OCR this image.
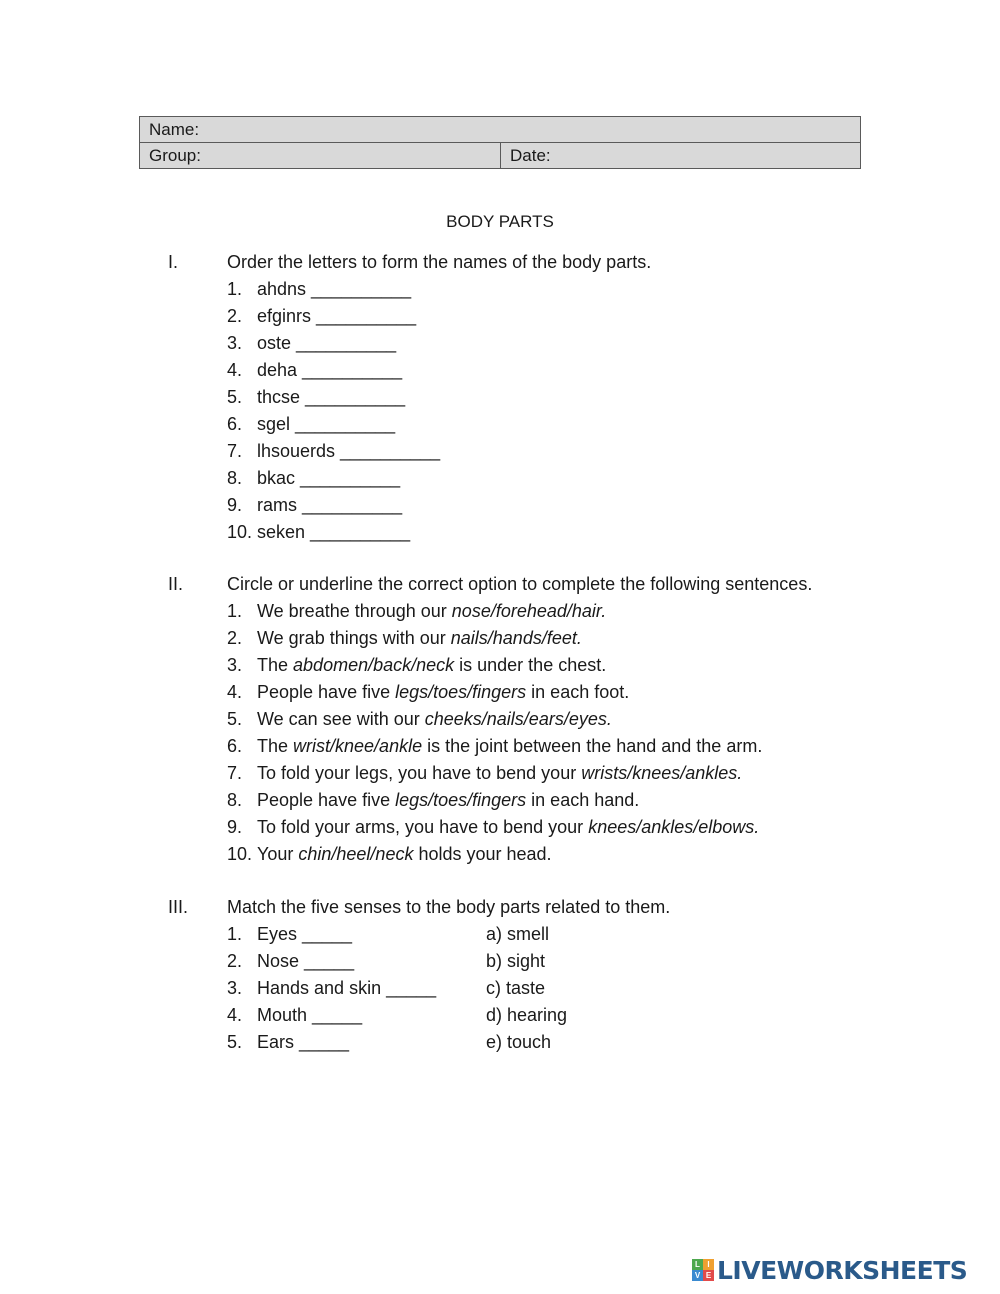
Name:
Group:	Date:
BODY PARTS
I.	Order the letters to form the names of the body parts.
1. ahdns __________
2. efginrs __________
3. oste __________
4. deha __________
5. thcse __________
6. sgel __________
7. lhsouerds __________
8. bkac __________
9. rams __________
10. seken __________
II. Circle or underline the correct option to complete the following sentences.
1. We breathe through our nose/forehead/hair.
2. We grab things with our nails/hands/feet.
3. The abdomen/back/neck is under the chest.
4. People have five legs/toes/fingers in each foot.
5. We can see with our cheeks/nails/ears/eyes.
6. The wrist/knee/ankle is the joint between the hand and the arm.
7. To fold your legs, you have to bend your wrists/knees/ankles.
8. People have five legs/toes/fingers in each hand.
9. To fold your arms, you have to bend your knees/ankles/elbows.
10. Your chin/heel/neck holds your head.
III. Match the five senses to the body parts related to them.
1. Eyes _____	a) smell
2. Nose _____	b) sight
3. Hands and skin _____	c) taste
4. Mouth _____	d) hearing
5. Ears _____	e) touch
L I
V E LIVEWORKSHEETS
